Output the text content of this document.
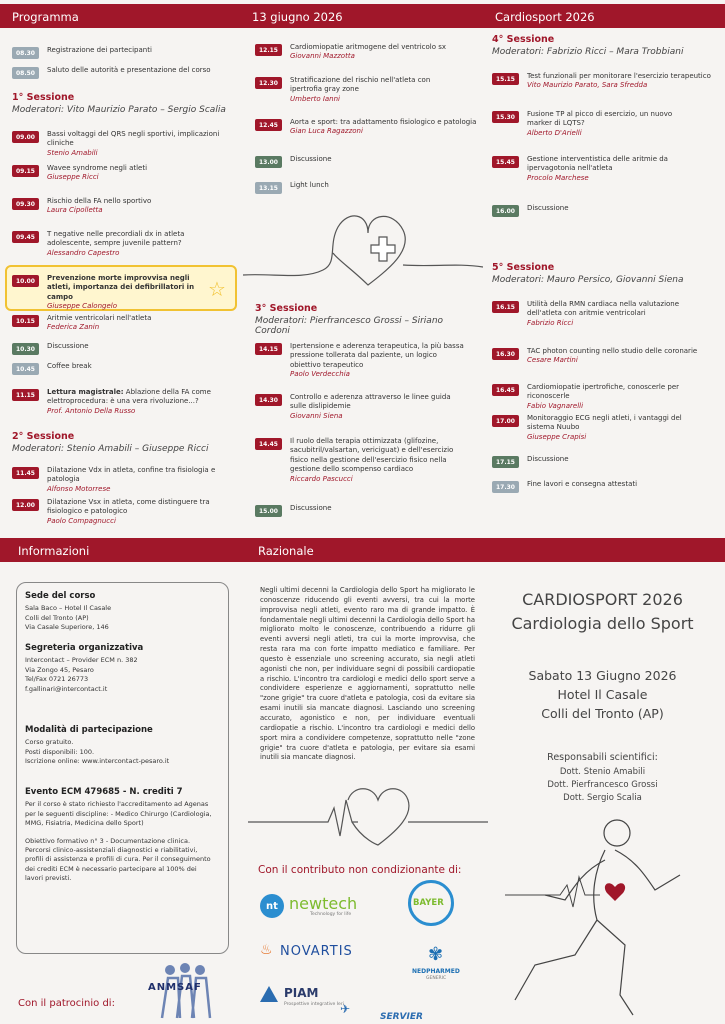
Programma	13 giugno 2026	Cardiosport 2026
☆
08.30	Registrazione dei partecipanti
08.50	Saluto delle autorità e presentazione del corso
1° Sessione
Moderatori: Vito Maurizio Parato – Sergio Scalia
09.00	Bassi voltaggi del QRS negli sportivi, implicazioni cliniche
Stenio Amabili
09.15	Wavee syndrome negli atleti
Giuseppe Ricci
09.30	Rischio della FA nello sportivo
Laura Cipolletta
09.45	T negative nelle precordiali dx in atleta adolescente, sempre juvenile pattern?
Alessandro Capestro
10.00	Prevenzione morte improvvisa negli atleti, importanza dei defibrillatori in campo
Giuseppe Calongelo
10.15	Aritmie ventricolari nell'atleta
Federica Zanin
10.30	Discussione
10.45	Coffee break
11.15	Lettura magistrale: Ablazione della FA come elettroprocedura: è una vera rivoluzione...?
Prof. Antonio Della Russo
2° Sessione
Moderatori: Stenio Amabili – Giuseppe Ricci
11.45	Dilatazione Vdx in atleta, confine tra fisiologia e patologia
Alfonso Motorrese
12.00	Dilatazione Vsx in atleta, come distinguere tra fisiologico e patologico
Paolo Compagnucci
12.15	Cardiomiopatie aritmogene del ventricolo sx
Giovanni Mazzotta
12.30	Stratificazione del rischio nell'atleta con ipertrofia gray zone
Umberto Ianni
12.45	Aorta e sport: tra adattamento fisiologico e patologia
Gian Luca Ragazzoni
13.00	Discussione
13.15	Light lunch
3° Sessione
Moderatori: Pierfrancesco Grossi – Siriano Cordoni
14.15	Ipertensione e aderenza terapeutica, la più bassa pressione tollerata dal paziente, un logico obiettivo terapeutico
Paolo Verdecchia
14.30	Controllo e aderenza attraverso le linee guida sulle dislipidemie
Giovanni Siena
14.45	Il ruolo della terapia ottimizzata (glifozine, sacubitril/valsartan, vericiguat) e dell'esercizio fisico nella gestione dell'esercizio fisico nella gestione dello scompenso cardiaco
Riccardo Pascucci
15.00	Discussione
4° Sessione
Moderatori: Fabrizio Ricci – Mara Trobbiani
15.15	Test funzionali per monitorare l'esercizio terapeutico
Vito Maurizio Parato, Sara Sfredda
15.30	Fusione TP al picco di esercizio, un nuovo marker di LQTS?
Alberto D'Arielli
15.45	Gestione interventistica delle aritmie da ipervagotonia nell'atleta
Procolo Marchese
16.00	Discussione
5° Sessione
Moderatori: Mauro Persico, Giovanni Siena
16.15	Utilità della RMN cardiaca nella valutazione dell'atleta con aritmie ventricolari
Fabrizio Ricci
16.30	TAC photon counting nello studio delle coronarie
Cesare Martini
16.45	Cardiomiopatie ipertrofiche, conoscerle per riconoscerle
Fabio Vagnarelli
17.00	Monitoraggio ECG negli atleti, i vantaggi del sistema Nuubo
Giuseppe Crapisi
17.15	Discussione
17.30	Fine lavori e consegna attestati
Informazioni	Razionale
Sede del corso
Sala Baco – Hotel Il Casale
Colli del Tronto (AP)
Via Casale Superiore, 146
Segreteria organizzativa
Intercontact – Provider ECM n. 382
Via Zongo 45, Pesaro
Tel/Fax 0721 26773
f.gallinari@intercontact.it
Modalità di partecipazione
Corso gratuito.
Posti disponibili: 100.
Iscrizione online: www.intercontact-pesaro.it
Evento ECM 479685 - N. crediti 7
Per il corso è stato richiesto l'accreditamento ad Agenas per le seguenti discipline: - Medico Chirurgo (Cardiologia, MMG, Fisiatria, Medicina dello Sport)
Obiettivo formativo n° 3 - Documentazione clinica. Percorsi clinico-assistenziali diagnostici e riabilitativi, profili di assistenza e profili di cura. Per il conseguimento dei crediti ECM è necessario partecipare al 100% dei lavori previsti.
ANMSAF
Con il patrocinio di:
Negli ultimi decenni la Cardiologia dello Sport ha migliorato le conoscenze riducendo gli eventi avversi, tra cui la morte improvvisa negli atleti, evento raro ma di grande impatto. È fondamentale negli ultimi decenni la Cardiologia dello Sport ha migliorato molto le conoscenze, contribuendo a ridurre gli eventi avversi negli atleti, tra cui la morte improvvisa, che resta rara ma con forte impatto mediatico e familiare. Per questo è essenziale uno screening accurato, sia negli atleti agonisti che non, per individuare segni di possibili cardiopatie a rischio. L'incontro tra cardiologi e medici dello sport serve a condividere esperienze e aggiornamenti, soprattutto nelle "zone grigie" tra cuore d'atleta e patologia, così da evitare sia esami inutili sia mancate diagnosi. Lasciando uno screening accurato, agonistico e non, per individuare eventuali cardiopatie a rischio. L'incontro tra cardiologi e medici dello sport mira a condividere competenze, soprattutto nelle "zone grigie" tra cuore d'atleta e patologia, per evitare sia esami inutili sia mancate diagnosi.
Con il contributo non condizionante di:
nt newtech
Technology for life
BAYER
♨ NOVARTIS	✾
NEDPHARMED
GENERIC
PIAM
Prospettive integrative Ieri
✈
SERVIER
CARDIOSPORT 2026
Cardiologia dello Sport
Sabato 13 Giugno 2026
Hotel Il Casale
Colli del Tronto (AP)
Responsabili scientifici:
Dott. Stenio Amabili
Dott. Pierfrancesco Grossi
Dott. Sergio Scalia
